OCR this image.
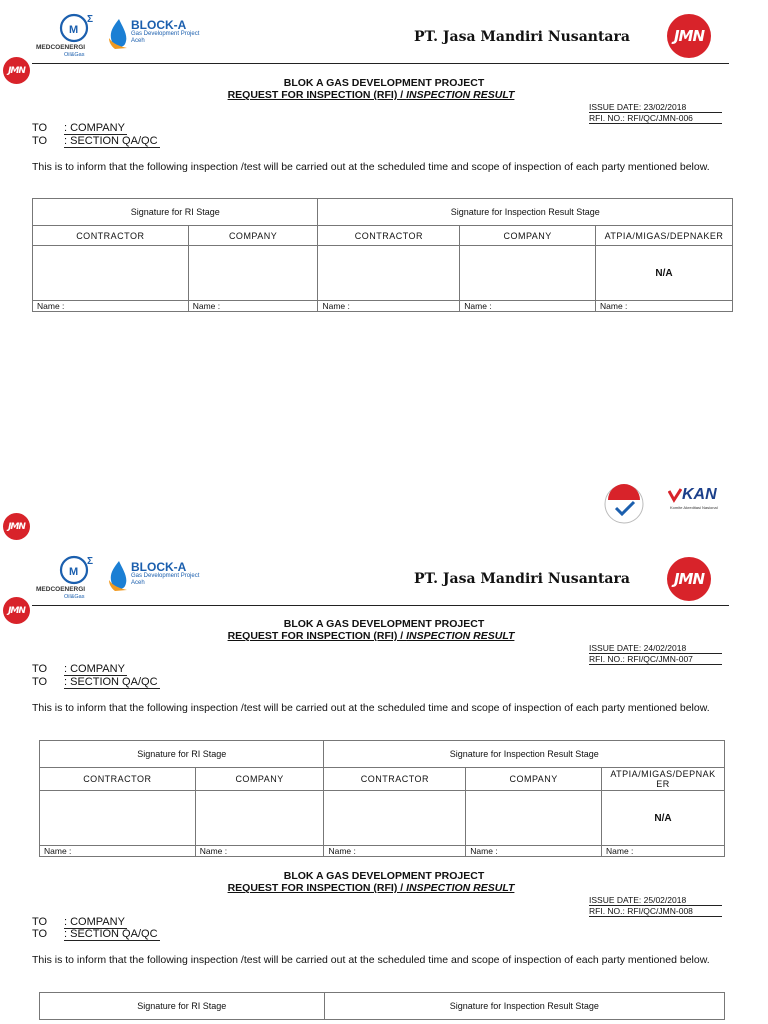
M
Σ
MEDCOENERGI
Oil&Gas
BLOCK-A
Gas Development Project
Aceh	PT. Jasa Mandiri Nusantara	JMN
JMN
BLOK A GAS DEVELOPMENT PROJECT
REQUEST FOR INSPECTION (RFI) / INSPECTION RESULT
ISSUE DATE: 23/02/2018
RFI. NO.: RFI/QC/JMN-006
TO : COMPANY
TO : SECTION QA/QC
This is to inform that the following inspection /test will be carried out at the scheduled time and scope of inspection of each party mentioned below.
Signature for RI Stage		Signature for Inspection Result Stage		
CONTRACTOR	COMPANY	CONTRACTOR	COMPANY	ATPIA/MIGAS/DEPNAKER
				N/A
Name :	Name :	Name :	Name :	Name :
KAN
Komite Akreditasi Nasional
JMN
M
Σ
MEDCOENERGI
Oil&Gas
BLOCK-A
Gas Development Project
Aceh	PT. Jasa Mandiri Nusantara	JMN
JMN
BLOK A GAS DEVELOPMENT PROJECT
REQUEST FOR INSPECTION (RFI) / INSPECTION RESULT
ISSUE DATE: 24/02/2018
RFI. NO.: RFI/QC/JMN-007
TO : COMPANY
TO : SECTION QA/QC
This is to inform that the following inspection /test will be carried out at the scheduled time and scope of inspection of each party mentioned below.
Signature for RI Stage		Signature for Inspection Result Stage		
CONTRACTOR	COMPANY	CONTRACTOR	COMPANY	ATPIA/MIGAS/DEPNAK ER
				N/A
Name :	Name :	Name :	Name :	Name :
BLOK A GAS DEVELOPMENT PROJECT
REQUEST FOR INSPECTION (RFI) / INSPECTION RESULT
ISSUE DATE: 25/02/2018
RFI. NO.: RFI/QC/JMN-008
TO : COMPANY
TO : SECTION QA/QC
This is to inform that the following inspection /test will be carried out at the scheduled time and scope of inspection of each party mentioned below.
Signature for RI Stage	Signature for Inspection Result Stage
